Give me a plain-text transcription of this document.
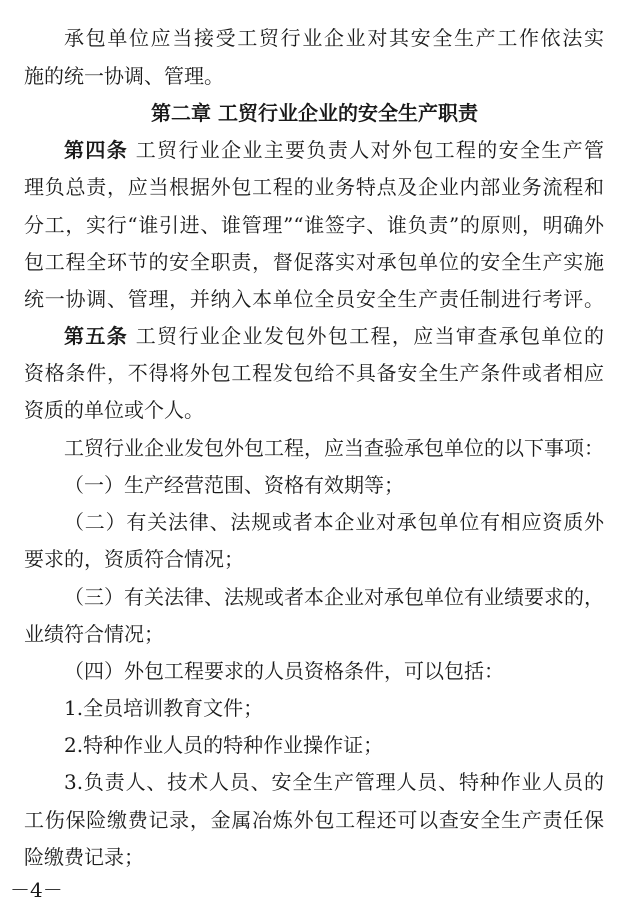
承包单位应当接受工贸行业企业对其安全生产工作依法实
施的统一协调、管理。
第二章 工贸行业企业的安全生产职责
第四条 工贸行业企业主要负责人对外包工程的安全生产管
理负总责，应当根据外包工程的业务特点及企业内部业务流程和
分工，实行“谁引进、谁管理”“谁签字、谁负责”的原则，明确外
包工程全环节的安全职责，督促落实对承包单位的安全生产实施
统一协调、管理，并纳入本单位全员安全生产责任制进行考评。
第五条 工贸行业企业发包外包工程，应当审查承包单位的
资格条件，不得将外包工程发包给不具备安全生产条件或者相应
资质的单位或个人。
工贸行业企业发包外包工程，应当查验承包单位的以下事项：
（一）生产经营范围、资格有效期等；
（二）有关法律、法规或者本企业对承包单位有相应资质外
要求的，资质符合情况；
（三）有关法律、法规或者本企业对承包单位有业绩要求的，
业绩符合情况；
（四）外包工程要求的人员资格条件，可以包括：
1.全员培训教育文件；
2.特种作业人员的特种作业操作证；
3.负责人、技术人员、安全生产管理人员、特种作业人员的
工伤保险缴费记录，金属冶炼外包工程还可以查安全生产责任保
险缴费记录；
－4－
